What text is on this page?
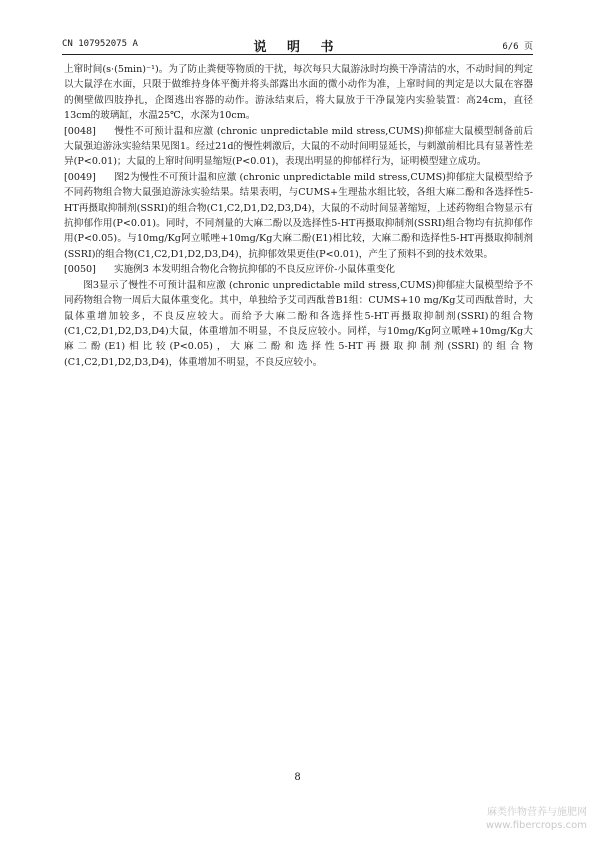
CN 107952075 A	说 明 书	6/6 页

上窜时间(s·(5min)⁻¹)。为了防止粪便等物质的干扰，每次每只大鼠游泳时均换干净清洁的水，不动时间的判定以大鼠浮在水面，只限于做维持身体平衡并将头部露出水面的微小动作为准，上窜时间的判定是以大鼠在容器的侧壁做四肢挣扎，企图逃出容器的动作。游泳结束后，将大鼠放于干净鼠笼内实验装置：高24cm，直径13cm的玻璃缸，水温25℃，水深为10cm。

[0048] 慢性不可预计温和应激 (chronic unpredictable mild stress,CUMS)抑郁症大鼠模型制备前后大鼠强迫游泳实验结果见图1。经过21d的慢性刺激后，大鼠的不动时间明显延长，与刺激前相比具有显著性差异(P<0.01)；大鼠的上窜时间明显缩短(P<0.01)，表现出明显的抑郁样行为，证明模型建立成功。

[0049] 图2为慢性不可预计温和应激 (chronic unpredictable mild stress,CUMS)抑郁症大鼠模型给予不同药物组合物大鼠强迫游泳实验结果。结果表明，与CUMS+生理盐水组比较，各组大麻二酚和各选择性5-HT再摄取抑制剂(SSRI)的组合物(C1,C2,D1,D2,D3,D4)，大鼠的不动时间显著缩短，上述药物组合物显示有抗抑郁作用(P<0.01)。同时，不同剂量的大麻二酚以及选择性5-HT再摄取抑制剂(SSRI)组合物均有抗抑郁作用(P<0.05)。与10mg/Kg阿立哌唑+10mg/Kg大麻二酚(E1)相比较，大麻二酚和选择性5-HT再摄取抑制剂(SSRI)的组合物(C1,C2,D1,D2,D3,D4)，抗抑郁效果更佳(P<0.01)，产生了预料不到的技术效果。

[0050] 实施例3 本发明组合物化合物抗抑郁的不良反应评价-小鼠体重变化

图3显示了慢性不可预计温和应激 (chronic unpredictable mild stress,CUMS)抑郁症大鼠模型给予不同药物组合物一周后大鼠体重变化。其中，单独给予艾司西酞普B1组：CUMS+10 mg/Kg艾司西酞普时，大鼠体重增加较多，不良反应较大。而给予大麻二酚和各选择性5-HT再摄取抑制剂(SSRI)的组合物(C1,C2,D1,D2,D3,D4)大鼠，体重增加不明显，不良反应较小。同样，与10mg/Kg阿立哌唑+10mg/Kg大麻二酚(E1)相比较(P<0.05)，大麻二酚和选择性5-HT再摄取抑制剂(SSRI)的组合物(C1,C2,D1,D2,D3,D4)，体重增加不明显，不良反应较小。

8
麻类作物营养与施肥网
www.fibercrops.com
